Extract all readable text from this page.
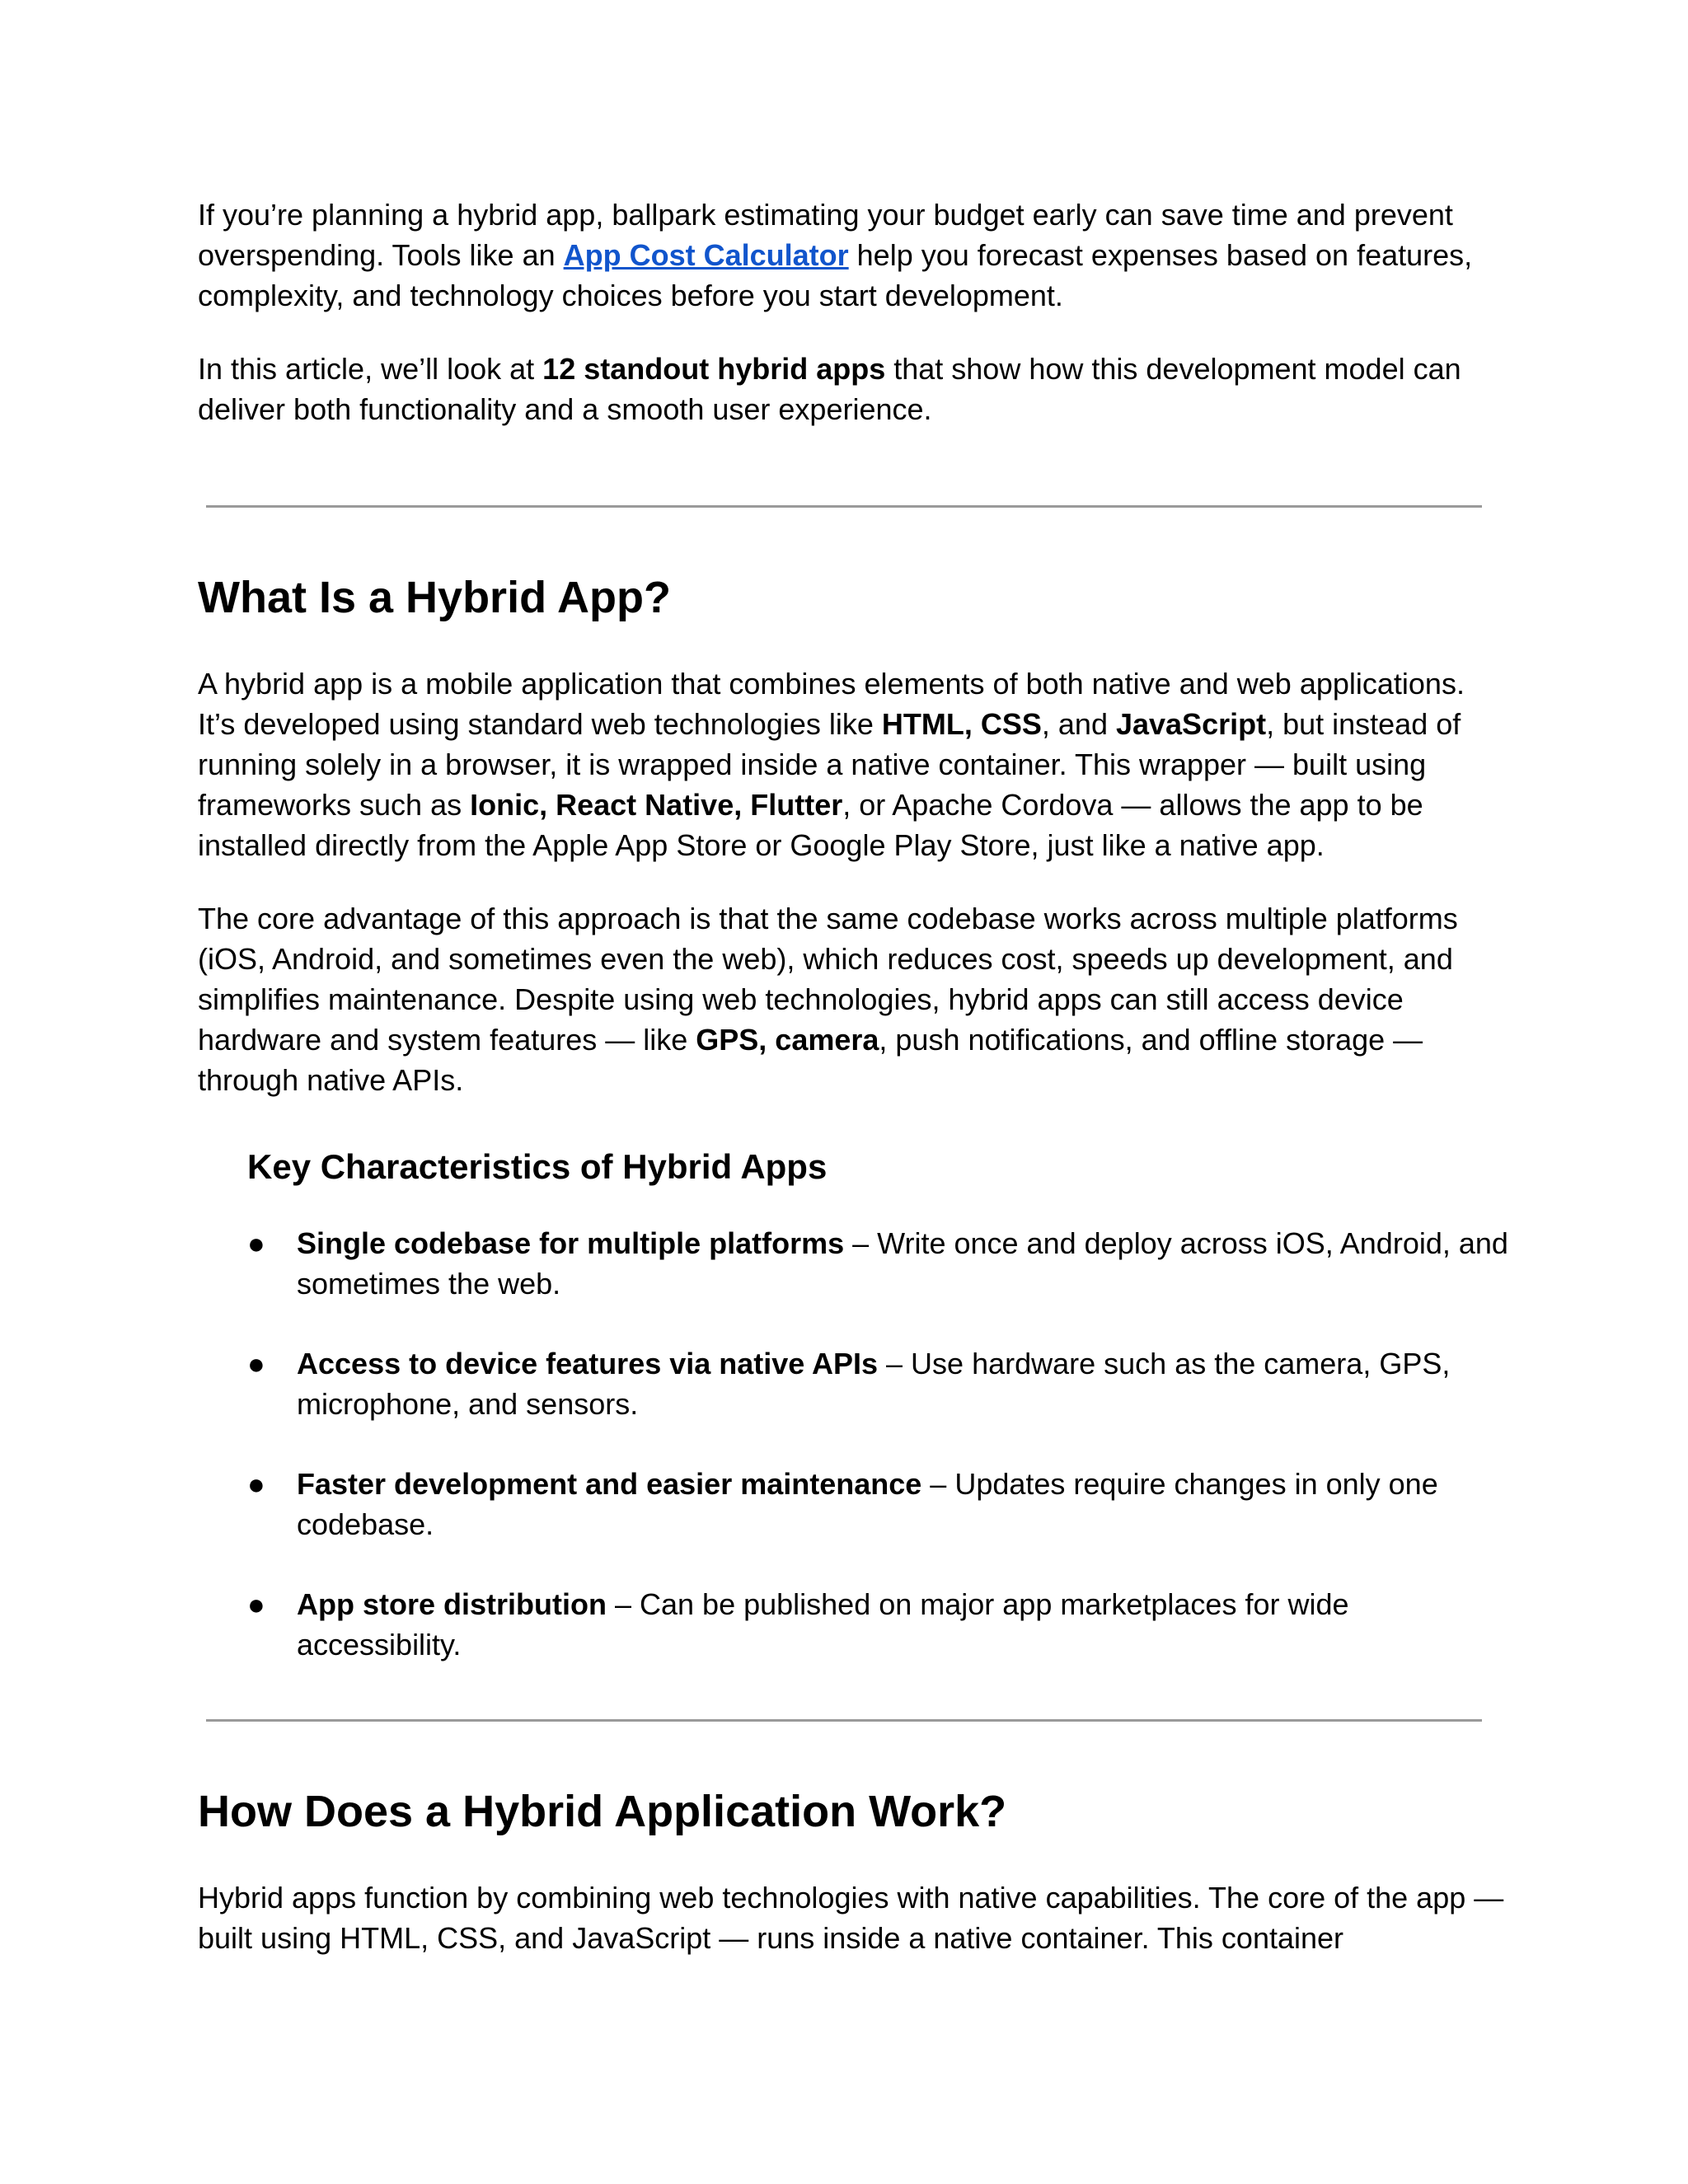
If you’re planning a hybrid app, ballpark estimating your budget early can save time and prevent overspending. Tools like an App Cost Calculator help you forecast expenses based on features, complexity, and technology choices before you start development.

In this article, we’ll look at 12 standout hybrid apps that show how this development model can deliver both functionality and a smooth user experience.

What Is a Hybrid App?

A hybrid app is a mobile application that combines elements of both native and web applications. It’s developed using standard web technologies like HTML, CSS, and JavaScript, but instead of running solely in a browser, it is wrapped inside a native container. This wrapper — built using frameworks such as Ionic, React Native, Flutter, or Apache Cordova — allows the app to be installed directly from the Apple App Store or Google Play Store, just like a native app.

The core advantage of this approach is that the same codebase works across multiple platforms (iOS, Android, and sometimes even the web), which reduces cost, speeds up development, and simplifies maintenance. Despite using web technologies, hybrid apps can still access device hardware and system features — like GPS, camera, push notifications, and offline storage — through native APIs.

Key Characteristics of Hybrid Apps
● Single codebase for multiple platforms – Write once and deploy across iOS, Android, and sometimes the web.
● Access to device features via native APIs – Use hardware such as the camera, GPS, microphone, and sensors.
● Faster development and easier maintenance – Updates require changes in only one codebase.
● App store distribution – Can be published on major app marketplaces for wide accessibility.
How Does a Hybrid Application Work?

Hybrid apps function by combining web technologies with native capabilities. The core of the app — built using HTML, CSS, and JavaScript — runs inside a native container. This container
